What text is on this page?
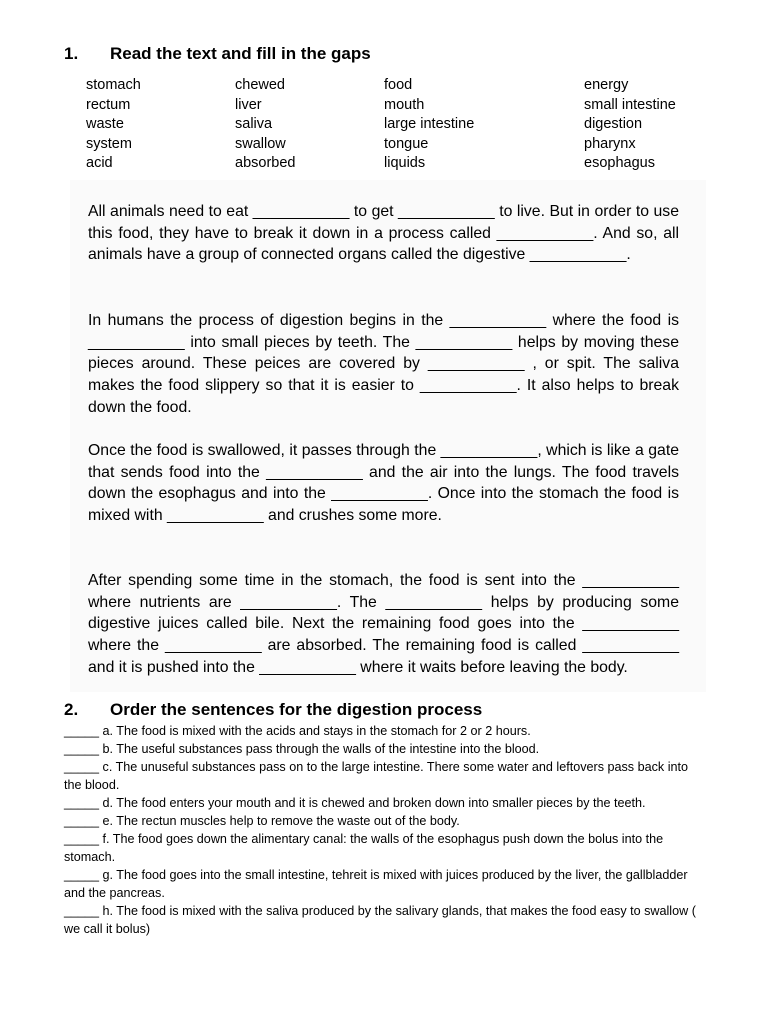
1.	Read the text and fill in the gaps
stomach	chewed	food	energy
rectum	liver	mouth	small intestine
waste	saliva	large intestine	digestion
system	swallow	tongue	pharynx
acid	absorbed	liquids	esophagus

All animals need to eat ___________ to get ___________ to live. But in order to use this food, they have to break it down in a process called ___________. And so, all animals have a group of connected organs called the digestive ___________.

In humans the process of digestion begins in the ___________ where the food is ___________ into small pieces by teeth. The ___________ helps by moving these pieces around. These peices are covered by ___________ , or spit. The saliva makes the food slippery so that it is easier to ___________. It also helps to break down the food.

Once the food is swallowed, it passes through the ___________, which is like a gate that sends food into the ___________ and the air into the lungs. The food travels down the esophagus and into the ___________. Once into the stomach the food is mixed with ___________ and crushes some more.

After spending some time in the stomach, the food is sent into the ___________ where nutrients are ___________. The ___________ helps by producing some digestive juices called bile. Next the remaining food goes into the ___________ where the ___________ are absorbed. The remaining food is called ___________ and it is pushed into the ___________ where it waits before leaving the body.

2.	Order the sentences for the digestion process
_____ a. The food is mixed with the acids and stays in the stomach for 2 or 2 hours.
_____ b. The useful substances pass through the walls of the intestine into the blood.
_____ c. The unuseful substances pass on to the large intestine. There some water and leftovers pass back into the blood.
_____ d. The food enters your mouth and it is chewed and broken down into smaller pieces by the teeth.
_____ e. The rectun muscles help to remove the waste out of the body.
_____ f. The food goes down the alimentary canal: the walls of the esophagus push down the bolus into the stomach.
_____ g. The food goes into the small intestine, tehreit is mixed with juices produced by the liver, the gallbladder and the pancreas.
_____ h. The food is mixed with the saliva produced by the salivary glands, that makes the food easy to swallow ( we call it bolus)
